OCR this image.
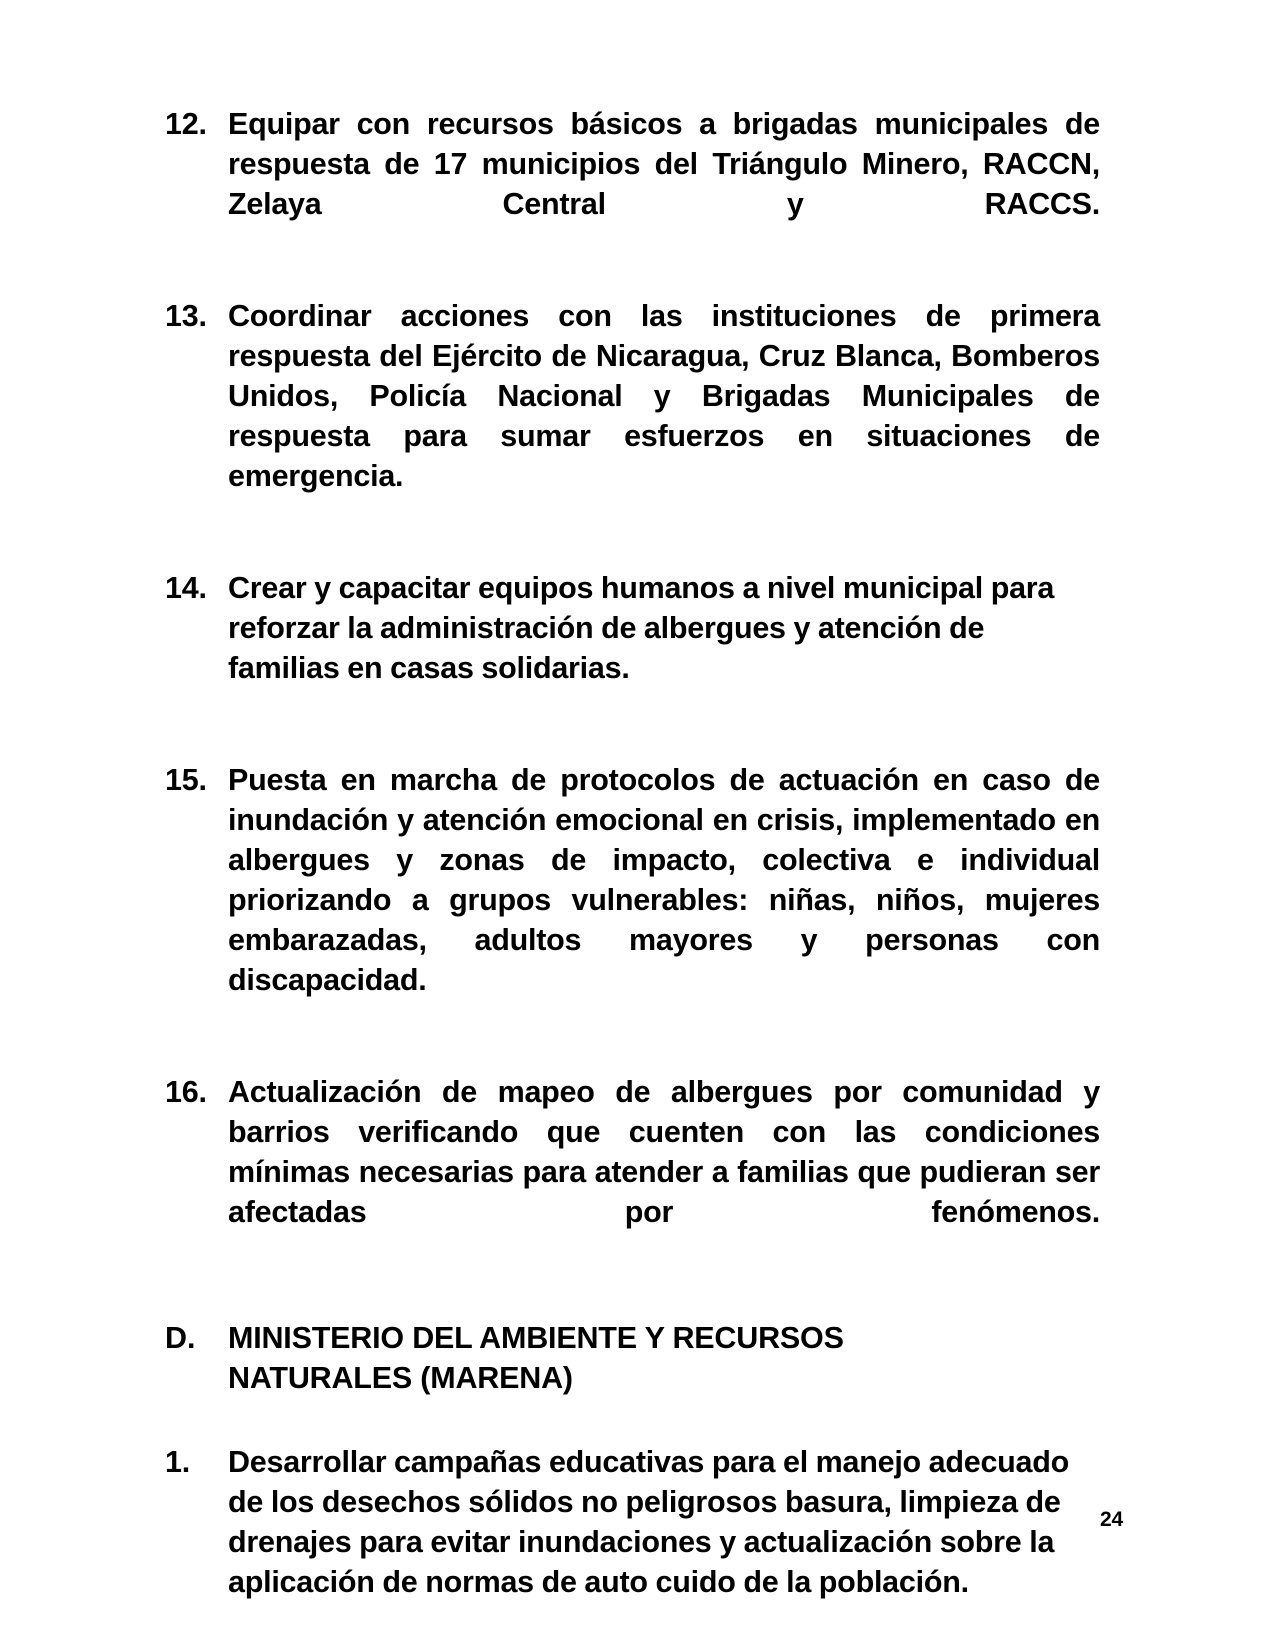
12. Equipar con recursos básicos a brigadas municipales de respuesta de 17 municipios del Triángulo Minero, RACCN, Zelaya Central y RACCS.
13. Coordinar acciones con las instituciones de primera respuesta del Ejército de Nicaragua, Cruz Blanca, Bomberos Unidos, Policía Nacional y Brigadas Municipales de respuesta para sumar esfuerzos en situaciones de emergencia.
14. Crear y capacitar equipos humanos a nivel municipal para reforzar la administración de albergues y atención de familias en casas solidarias.
15. Puesta en marcha de protocolos de actuación en caso de inundación y atención emocional en crisis, implementado en albergues y zonas de impacto, colectiva e individual priorizando a grupos vulnerables: niñas, niños, mujeres embarazadas, adultos mayores y personas con discapacidad.
16. Actualización de mapeo de albergues por comunidad y barrios verificando que cuenten con las condiciones mínimas necesarias para atender a familias que pudieran ser afectadas por fenómenos.
D.	MINISTERIO DEL AMBIENTE Y RECURSOS NATURALES (MARENA)
1.	Desarrollar campañas educativas para el manejo adecuado de los desechos sólidos no peligrosos basura, limpieza de drenajes para evitar inundaciones y actualización sobre la aplicación de normas de auto cuido de la población.
24
